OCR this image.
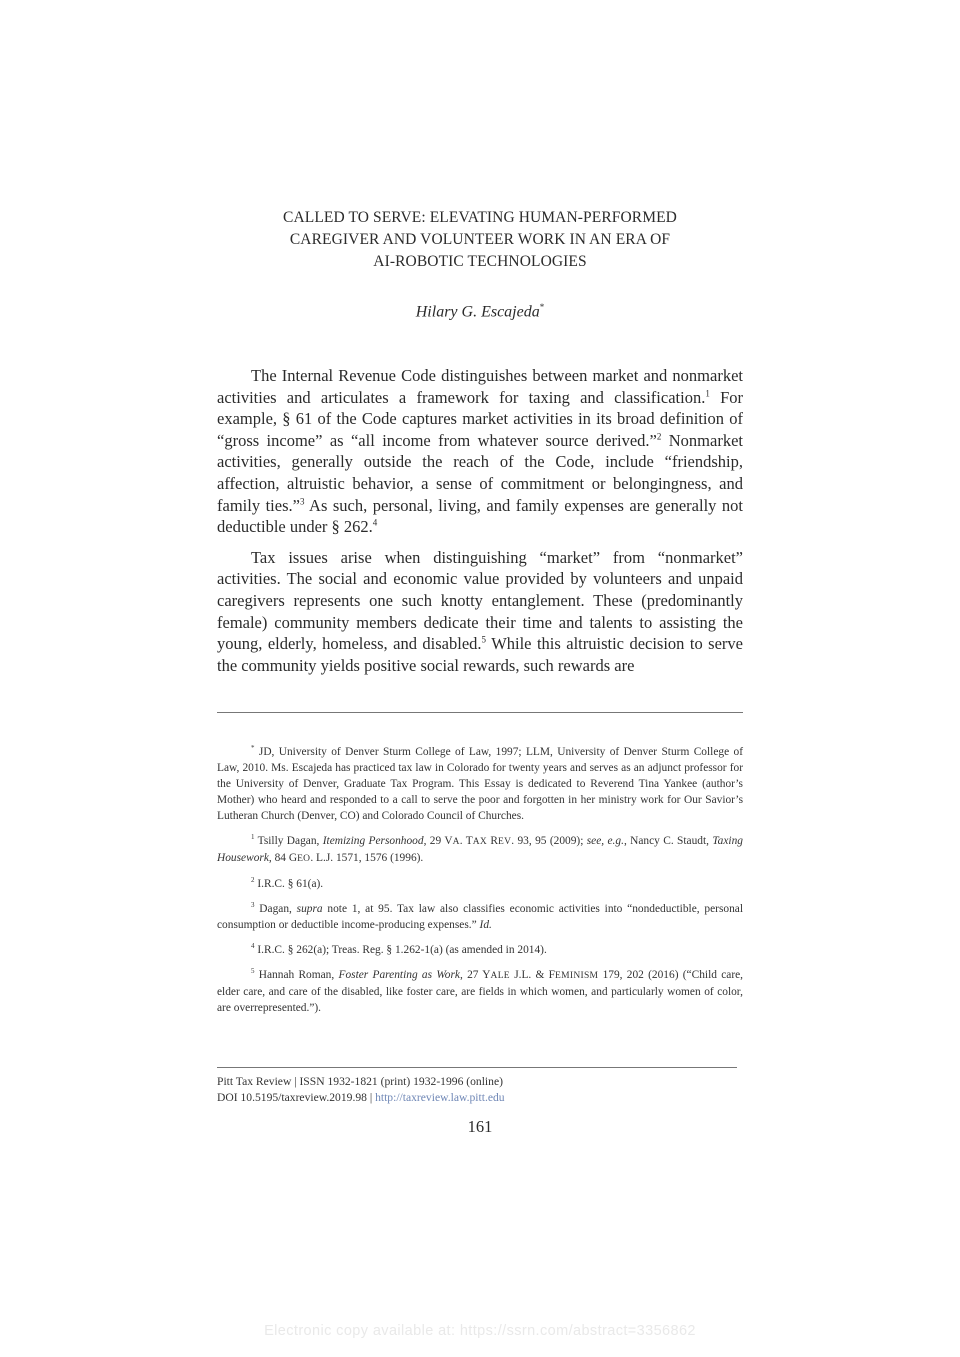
CALLED TO SERVE: ELEVATING HUMAN-PERFORMED
CAREGIVER AND VOLUNTEER WORK IN AN ERA OF
AI-ROBOTIC TECHNOLOGIES
Hilary G. Escajeda*

The Internal Revenue Code distinguishes between market and nonmarket activities and articulates a framework for taxing and classification.$^1$ For example, § 61 of the Code captures market activities in its broad definition of “gross income” as “all income from whatever source derived.”$^2$ Nonmarket activities, generally outside the reach of the Code, include “friendship, affection, altruistic behavior, a sense of commitment or belongingness, and family ties.”$^3$ As such, personal, living, and family expenses are generally not deductible under § 262.$^4$

Tax issues arise when distinguishing “market” from “nonmarket” activities. The social and economic value provided by volunteers and unpaid caregivers represents one such knotty entanglement. These (predominantly female) community members dedicate their time and talents to assisting the young, elderly, homeless, and disabled.$^5$ While this altruistic decision to serve the community yields positive social rewards, such rewards are

* JD, University of Denver Sturm College of Law, 1997; LLM, University of Denver Sturm College of Law, 2010. Ms. Escajeda has practiced tax law in Colorado for twenty years and serves as an adjunct professor for the University of Denver, Graduate Tax Program. This Essay is dedicated to Reverend Tina Yankee (author’s Mother) who heard and responded to a call to serve the poor and forgotten in her ministry work for Our Savior’s Lutheran Church (Denver, CO) and Colorado Council of Churches.

$^1$ Tsilly Dagan, Itemizing Personhood, 29 VA. TAX REV. 93, 95 (2009); see, e.g., Nancy C. Staudt, Taxing Housework, 84 GEO. L.J. 1571, 1576 (1996).

$^2$ I.R.C. § 61(a).

$^3$ Dagan, supra note 1, at 95. Tax law also classifies economic activities into “nondeductible, personal consumption or deductible income-producing expenses.” Id.

$^4$ I.R.C. § 262(a); Treas. Reg. § 1.262-1(a) (as amended in 2014).

$^5$ Hannah Roman, Foster Parenting as Work, 27 YALE J.L. & FEMINISM 179, 202 (2016) (“Child care, elder care, and care of the disabled, like foster care, are fields in which women, and particularly women of color, are overrepresented.”).

Pitt Tax Review | ISSN 1932-1821 (print) 1932-1996 (online)
DOI 10.5195/taxreview.2019.98 | http://taxreview.law.pitt.edu
161
Electronic copy available at: https://ssrn.com/abstract=3356862
